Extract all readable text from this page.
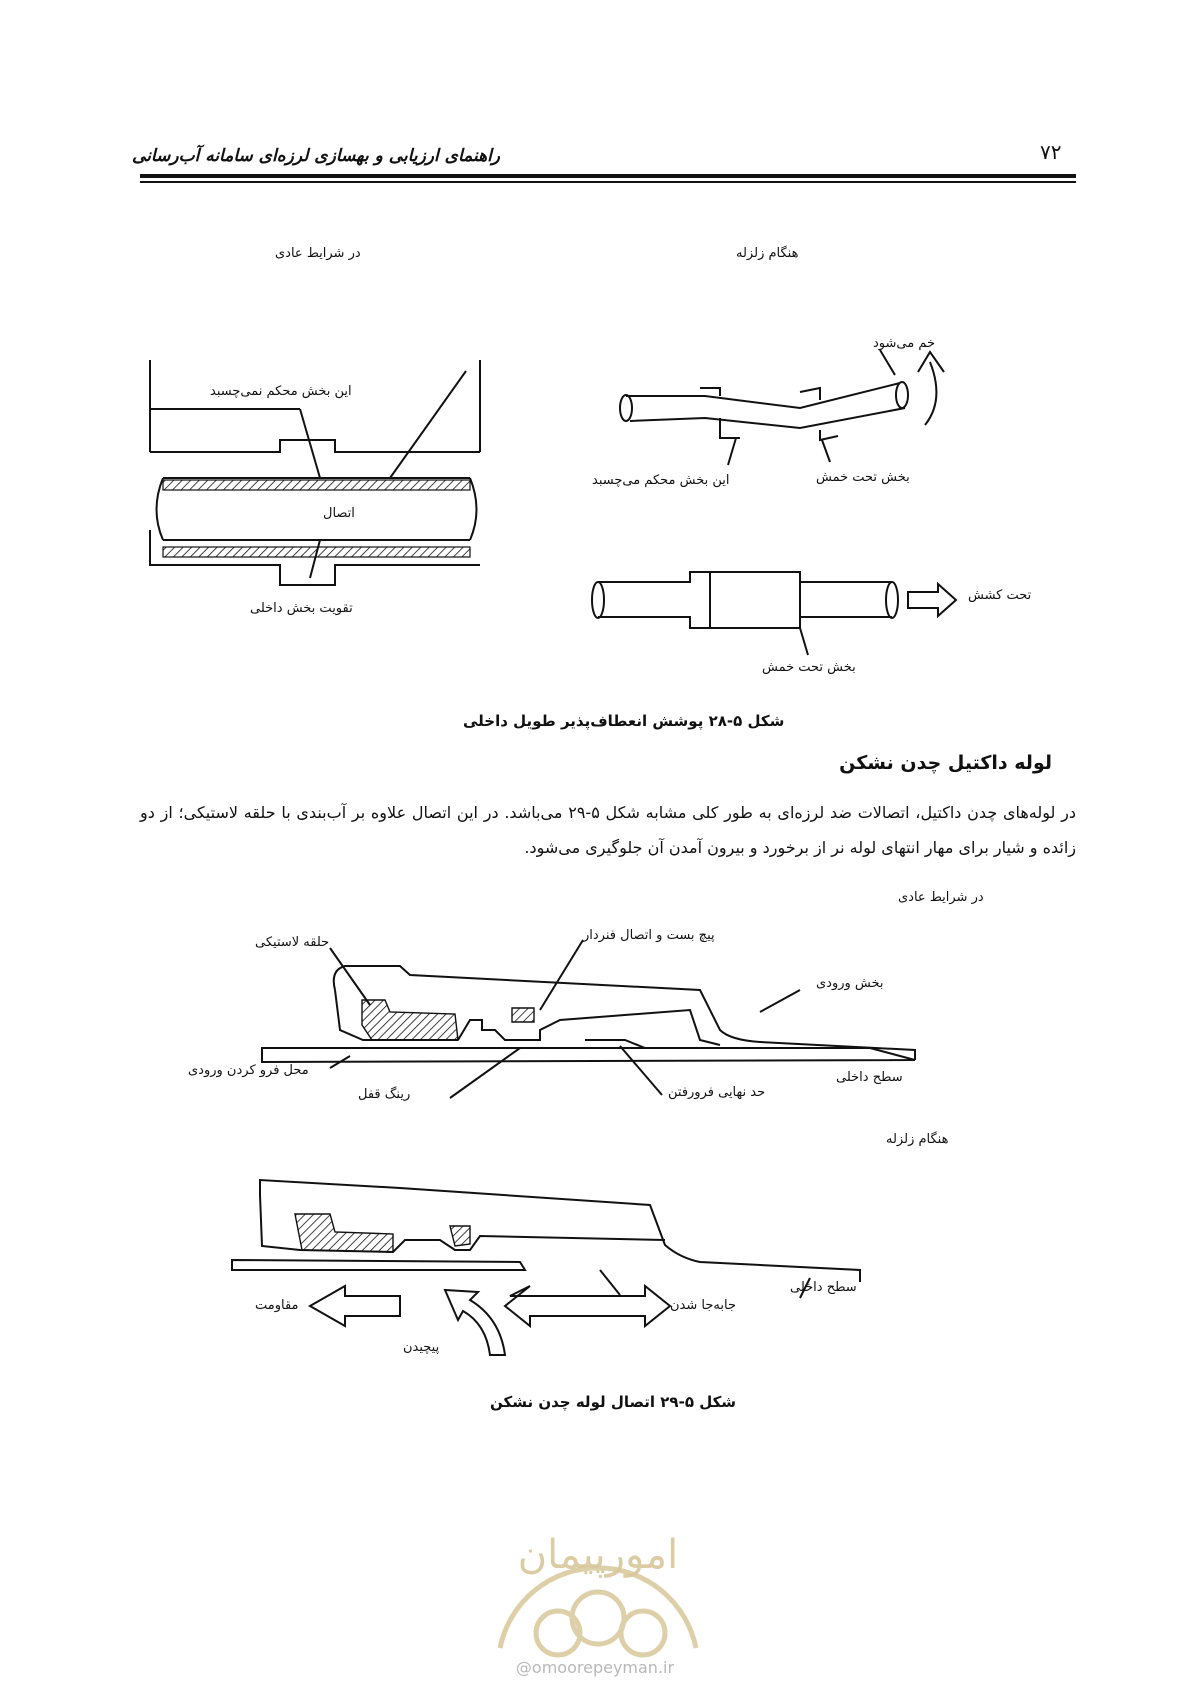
۷۲
راهنمای ارزیابی و بهسازی لرزه‌ای سامانه آب‌رسانی
در شرایط عادی	هنگام زلزله
این بخش محکم نمی‌چسبد
اتصال
تقویت بخش داخلی
خم می‌شود
این بخش محکم می‌چسبد	بخش تحت خمش
تحت کشش
بخش تحت خمش
شکل ۵-۲۸ پوشش انعطاف‌پذیر طویل داخلی
لوله داکتیل چدن نشکن
در لوله‌های چدن داکتیل، اتصالات ضد لرزه‌ای به طور کلی مشابه شکل ۵-۲۹ می‌باشد. در این اتصال علاوه بر آب‌بندی با حلقه لاستیکی؛ از دو زائده و شیار برای مهار انتهای لوله نر از برخورد و بیرون آمدن آن جلوگیری می‌شود.
در شرایط عادی
حلقه لاستیکی	پیچ بست و اتصال فنردار
بخش ورودی
محل فرو کردن ورودی
رینگ قفل	حد نهایی فرورفتن
سطح داخلی
هنگام زلزله
مقاومت
پیچیدن
جابه‌جا شدن
سطح داخلی
شکل ۵-۲۹ اتصال لوله چدن نشکن
امورپیمان
@omoorepeyman.ir
